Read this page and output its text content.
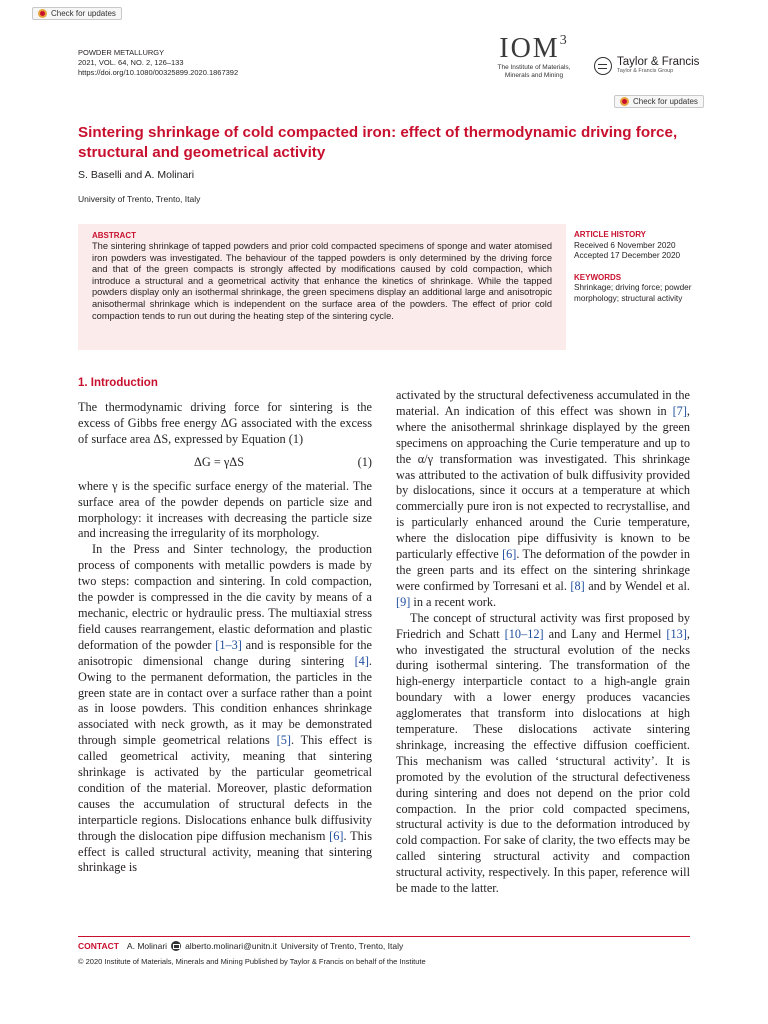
Check for updates
POWDER METALLURGY
2021, VOL. 64, NO. 2, 126–133
https://doi.org/10.1080/00325899.2020.1867392
IOM$^3$
The Institute of Materials,
Minerals and Mining
Taylor & Francis
Taylor & Francis Group
Check for updates
Sintering shrinkage of cold compacted iron: effect of thermodynamic driving force, structural and geometrical activity
S. Baselli and A. Molinari
University of Trento, Trento, Italy
ABSTRACT
The sintering shrinkage of tapped powders and prior cold compacted specimens of sponge and water atomised iron powders was investigated. The behaviour of the tapped powders is only determined by the driving force and that of the green compacts is strongly affected by modifications caused by cold compaction, which introduce a structural and a geometrical activity that enhance the kinetics of shrinkage. While the tapped powders display only an isothermal shrinkage, the green specimens display an additional large and anisotropic anisothermal shrinkage which is independent on the surface area of the powders. The effect of prior cold compaction tends to run out during the heating step of the sintering cycle.
ARTICLE HISTORY
Received 6 November 2020
Accepted 17 December 2020
KEYWORDS
Shrinkage; driving force; powder morphology; structural activity
1. Introduction

The thermodynamic driving force for sintering is the excess of Gibbs free energy ΔG associated with the excess of surface area ΔS, expressed by Equation (1)

ΔG = γΔS	(1)

where γ is the specific surface energy of the material. The surface area of the powder depends on particle size and morphology: it increases with decreasing the particle size and increasing the irregularity of its morphology.

In the Press and Sinter technology, the production process of components with metallic powders is made by two steps: compaction and sintering. In cold compaction, the powder is compressed in the die cavity by means of a mechanic, electric or hydraulic press. The multiaxial stress field causes rearrangement, elastic deformation and plastic deformation of the powder [1–3] and is responsible for the anisotropic dimensional change during sintering [4]. Owing to the permanent deformation, the particles in the green state are in contact over a surface rather than a point as in loose powders. This condition enhances shrinkage associated with neck growth, as it may be demonstrated through simple geometrical relations [5]. This effect is called geometrical activity, meaning that sintering shrinkage is activated by the particular geometrical condition of the material. Moreover, plastic deformation causes the accumulation of structural defects in the interparticle regions. Dislocations enhance bulk diffusivity through the dislocation pipe diffusion mechanism [6]. This effect is called structural activity, meaning that sintering shrinkage is

activated by the structural defectiveness accumulated in the material. An indication of this effect was shown in [7], where the anisothermal shrinkage displayed by the green specimens on approaching the Curie temperature and up to the α/γ transformation was investigated. This shrinkage was attributed to the activation of bulk diffusivity provided by dislocations, since it occurs at a temperature at which commercially pure iron is not expected to recrystallise, and is particularly enhanced around the Curie temperature, where the dislocation pipe diffusivity is known to be particularly effective [6]. The deformation of the powder in the green parts and its effect on the sintering shrinkage were confirmed by Torresani et al. [8] and by Wendel et al. [9] in a recent work.

The concept of structural activity was first proposed by Friedrich and Schatt [10–12] and Lany and Hermel [13], who investigated the structural evolution of the necks during isothermal sintering. The transformation of the high-energy interparticle contact to a high-angle grain boundary with a lower energy produces vacancies agglomerates that transform into dislocations at high temperature. These dislocations activate sintering shrinkage, increasing the effective diffusion coefficient. This mechanism was called ‘structural activity’. It is promoted by the evolution of the structural defectiveness during sintering and does not depend on the prior cold compaction. In the prior cold compacted specimens, structural activity is due to the deformation introduced by cold compaction. For sake of clarity, the two effects may be called sintering structural activity and compaction structural activity, respectively. In this paper, reference will be made to the latter.

CONTACT A. Molinari alberto.molinari@unitn.it University of Trento, Trento, Italy
© 2020 Institute of Materials, Minerals and Mining Published by Taylor & Francis on behalf of the Institute
